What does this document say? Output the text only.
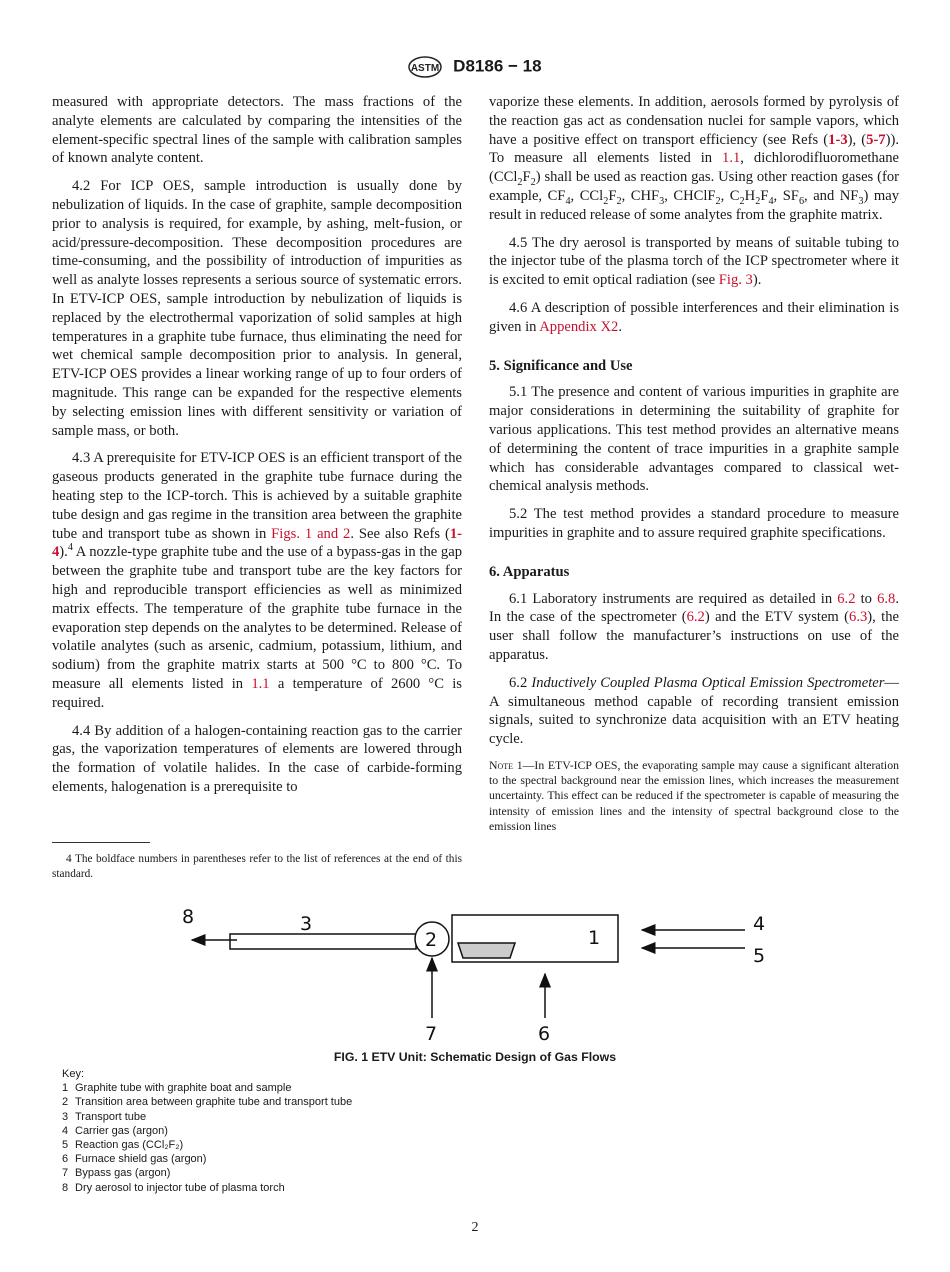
ASTM D8186 − 18

measured with appropriate detectors. The mass fractions of the analyte elements are calculated by comparing the intensities of the element-specific spectral lines of the sample with calibration samples of known analyte content.

4.2 For ICP OES, sample introduction is usually done by nebulization of liquids. In the case of graphite, sample decomposition prior to analysis is required, for example, by ashing, melt-fusion, or acid/pressure-decomposition. These decomposition procedures are time-consuming, and the possibility of introduction of impurities as well as analyte losses represents a serious source of systematic errors. In ETV-ICP OES, sample introduction by nebulization of liquids is replaced by the electrothermal vaporization of solid samples at high temperatures in a graphite tube furnace, thus eliminating the need for wet chemical sample decomposition prior to analysis. In general, ETV-ICP OES provides a linear working range of up to four orders of magnitude. This range can be expanded for the respective elements by selecting emission lines with different sensitivity or variation of sample mass, or both.

4.3 A prerequisite for ETV-ICP OES is an efficient transport of the gaseous products generated in the graphite tube furnace during the heating step to the ICP-torch. This is achieved by a suitable graphite tube design and gas regime in the transition area between the graphite tube and transport tube as shown in Figs. 1 and 2. See also Refs (1-4).$^4$ A nozzle-type graphite tube and the use of a bypass-gas in the gap between the graphite tube and transport tube are the key factors for high and reproducible transport efficiencies as well as minimized matrix effects. The temperature of the graphite tube furnace in the evaporation step depends on the analytes to be determined. Release of volatile analytes (such as arsenic, cadmium, potassium, lithium, and sodium) from the graphite matrix starts at 500 °C to 800 °C. To measure all elements listed in 1.1 a temperature of 2600 °C is required.

4.4 By addition of a halogen-containing reaction gas to the carrier gas, the vaporization temperatures of elements are lowered through the formation of volatile halides. In the case of carbide-forming elements, halogenation is a prerequisite to

vaporize these elements. In addition, aerosols formed by pyrolysis of the reaction gas act as condensation nuclei for sample vapors, which have a positive effect on transport efficiency (see Refs (1-3), (5-7)). To measure all elements listed in 1.1, dichlorodifluoromethane $(CCl_2F_2)$ shall be used as reaction gas. Using other reaction gases (for example, $CF_4$, $CCl_2F_2$, $CHF_3$, CHClF$_2$, $C_2H_2F_4$, $SF_6$, and $NF_3$) may result in reduced release of some analytes from the graphite matrix.

4.5 The dry aerosol is transported by means of suitable tubing to the injector tube of the plasma torch of the ICP spectrometer where it is excited to emit optical radiation (see Fig. 3).

4.6 A description of possible interferences and their elimination is given in Appendix X2.

5. Significance and Use

5.1 The presence and content of various impurities in graphite are major considerations in determining the suitability of graphite for various applications. This test method provides an alternative means of determining the content of trace impurities in a graphite sample which has considerable advantages compared to classical wet-chemical analysis methods.

5.2 The test method provides a standard procedure to measure impurities in graphite and to assure required graphite specifications.

6. Apparatus

6.1 Laboratory instruments are required as detailed in 6.2 to 6.8. In the case of the spectrometer (6.2) and the ETV system (6.3), the user shall follow the manufacturer’s instructions on use of the apparatus.

6.2 Inductively Coupled Plasma Optical Emission Spectrometer—A simultaneous method capable of recording transient emission signals, suited to synchronize data acquisition with an ETV heating cycle.

Note 1—In ETV-ICP OES, the evaporating sample may cause a significant alteration to the spectral background near the emission lines, which increases the measurement uncertainty. This effect can be reduced if the spectrometer is capable of measuring the intensity of emission lines and the intensity of spectral background close to the emission lines

4 The boldface numbers in parentheses refer to the list of references at the end of this standard.
1
2
3	4
5
6
7
8
FIG. 1 ETV Unit: Schematic Design of Gas Flows
Key:
1 Graphite tube with graphite boat and sample
2 Transition area between graphite tube and transport tube
3 Transport tube
4 Carrier gas (argon)
5 Reaction gas (CCl₂F₂)
6 Furnace shield gas (argon)
7 Bypass gas (argon)
8 Dry aerosol to injector tube of plasma torch
2
